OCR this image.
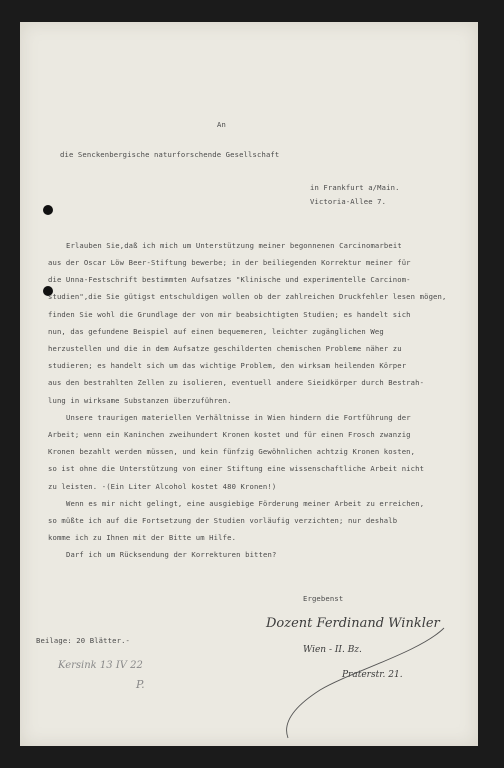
An
die Senckenbergische naturforschende Gesellschaft
in Frankfurt a/Main.
Victoria-Allee 7.
Erlauben Sie,daß ich mich um Unterstützung meiner begonnenen Carcinomarbeit
aus der Oscar Löw Beer-Stiftung bewerbe; in der beiliegenden Korrektur meiner für
die Unna-Festschrift bestimmten Aufsatzes "Klinische und experimentelle Carcinom-
studien",die Sie gütigst entschuldigen wollen ob der zahlreichen Druckfehler lesen mögen,
finden Sie wohl die Grundlage der von mir beabsichtigten Studien; es handelt sich
nun, das gefundene Beispiel auf einen bequemeren, leichter zugänglichen Weg
herzustellen und die in dem Aufsatze geschilderten chemischen Probleme näher zu
studieren; es handelt sich um das wichtige Problem, den wirksam heilenden Körper
aus den bestrahlten Zellen zu isolieren, eventuell andere Sieidkörper durch Bestrah-
lung in wirksame Substanzen überzuführen.
Unsere traurigen materiellen Verhältnisse in Wien hindern die Fortführung der
Arbeit; wenn ein Kaninchen zweihundert Kronen kostet und für einen Frosch zwanzig
Kronen bezahlt werden müssen, und kein fünfzig Gewöhnlichen achtzig Kronen kosten,
so ist ohne die Unterstützung von einer Stiftung eine wissenschaftliche Arbeit nicht
zu leisten. -(Ein Liter Alcohol kostet 480 Kronen!)
Wenn es mir nicht gelingt, eine ausgiebige Förderung meiner Arbeit zu erreichen,
so müßte ich auf die Fortsetzung der Studien vorläufig verzichten; nur deshalb
komme ich zu Ihnen mit der Bitte um Hilfe.
Darf ich um Rücksendung der Korrekturen bitten?
Ergebenst
Beilage: 20 Blätter.-
Dozent Ferdinand Winkler
Wien - II. Bz.
Praterstr. 21.
Kersink 13 IV 22
P.
